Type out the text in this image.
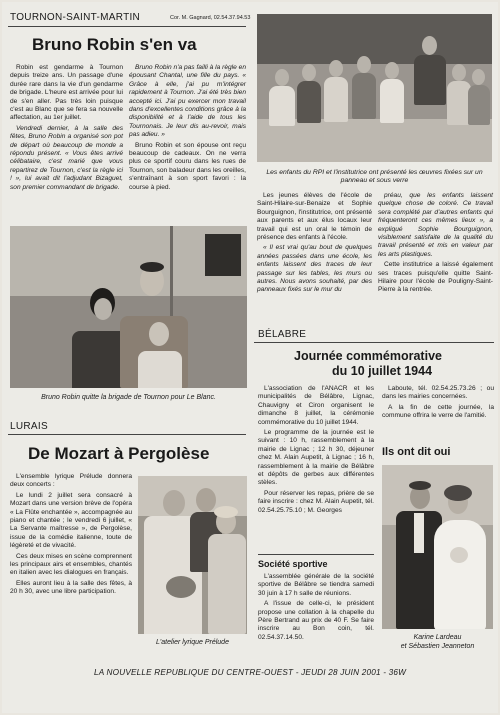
TOURNON-SAINT-MARTIN	Cor. M. Gagnard, 02.54.37.94.53
Bruno Robin s'en va

Robin est gendarme à Tournon depuis treize ans. Un passage d'une durée rare dans la vie d'un gendarme de brigade. L'heure est arrivée pour lui de s'en aller. Pas très loin puisque c'est au Blanc que se fera sa nouvelle affectation, au 1er juillet.

Vendredi dernier, à la salle des fêtes, Bruno Robin a organisé son pot de départ où beaucoup de monde a répondu présent. « Vous êtes arrivé célibataire, c'est marié que vous repartirez de Tournon, c'est la règle ici ! », lui avait dit l'adjudant Bizaguet, son premier commandant de brigade.

Bruno Robin n'a pas failli à la règle en épousant Chantal, une fille du pays. « Grâce à elle, j'ai pu m'intégrer rapidement à Tournon. J'ai été très bien accepté ici. J'ai pu exercer mon travail dans d'excellentes conditions grâce à la disponibilité et à l'aide de tous les Tournonais. Je leur dis au-revoir, mais pas adieu. »

Bruno Robin et son épouse ont reçu beaucoup de cadeaux. On ne verra plus ce sportif couru dans les rues de Tournon, son baladeur dans les oreilles, s'entraînant à son sport favori : la course à pied.

Bruno Robin quitte la brigade de Tournon pour Le Blanc.
Les enfants du RPI et l'institutrice ont présenté les œuvres fixées sur un panneau et sous verre

Les jeunes élèves de l'école de Saint-Hilaire-sur-Benaize et Sophie Bourguignon, l'institutrice, ont présenté aux parents et aux élus locaux leur travail qui est un oral le témoin de présence des enfants à l'école.

« Il est vrai qu'au bout de quelques années passées dans une école, les enfants laissent des traces de leur passage sur les tables, les murs ou autres. Nous avons souhaité, par des panneaux fixés sur le mur du

préau, que les enfants laissent quelque chose de coloré. Ce travail sera complété par d'autres enfants qui fréquenteront ces mêmes lieux », a expliqué Sophie Bourguignon, visiblement satisfaite de la qualité du travail présenté et mis en valeur par les arts plastiques.

Cette institutrice a laissé également ses traces puisqu'elle quitte Saint-Hilaire pour l'école de Pouligny-Saint-Pierre à la rentrée.

BÉLABRE
Journée commémorative
du 10 juillet 1944

L'association de l'ANACR et les municipalités de Bélâbre, Lignac, Chauvigny et Ciron organisent le dimanche 8 juillet, la cérémonie commémorative du 10 juillet 1944.

Le programme de la journée est le suivant : 10 h, rassemblement à la mairie de Lignac ; 12 h 30, déjeuner chez M. Alain Aupetit, à Lignac ; 16 h, rassemblement à la mairie de Bélâbre et dépôts de gerbes aux différentes stèles.

Pour réserver les repas, prière de se faire inscrire : chez M. Alain Aupetit, tél. 02.54.25.75.10 ; M. Georges

Laboute, tél. 02.54.25.73.26 ; ou dans les mairies concernées.

A la fin de cette journée, la commune offrira le verre de l'amitié.

Société sportive

L'assemblée générale de la société sportive de Bélâbre se tiendra samedi 30 juin à 17 h salle de réunions.

A l'issue de celle-ci, le président propose une collation à la chapelle du Père Bertrand au prix de 40 F. Se faire inscrire au Bon coin, tél. 02.54.37.14.50.

Ils ont dit oui
Karine Lardeau
et Sébastien Jeanneton
LURAIS
De Mozart à Pergolèse

L'ensemble lyrique Prélude donnera deux concerts :

Le lundi 2 juillet sera consacré à Mozart dans une version brève de l'opéra « La Flûte enchantée », accompagnée au piano et chantée ; le vendredi 6 juillet, « La Servante maîtresse », de Pergolèse, issue de la comédie italienne, toute de légèreté et de vivacité.

Ces deux mises en scène comprennent les principaux airs et ensembles, chantés en italien avec les dialogues en français.

Elles auront lieu à la salle des fêtes, à 20 h 30, avec une libre participation.

L'atelier lyrique Prélude
LA NOUVELLE REPUBLIQUE DU CENTRE-OUEST - JEUDI 28 JUIN 2001 - 36W
